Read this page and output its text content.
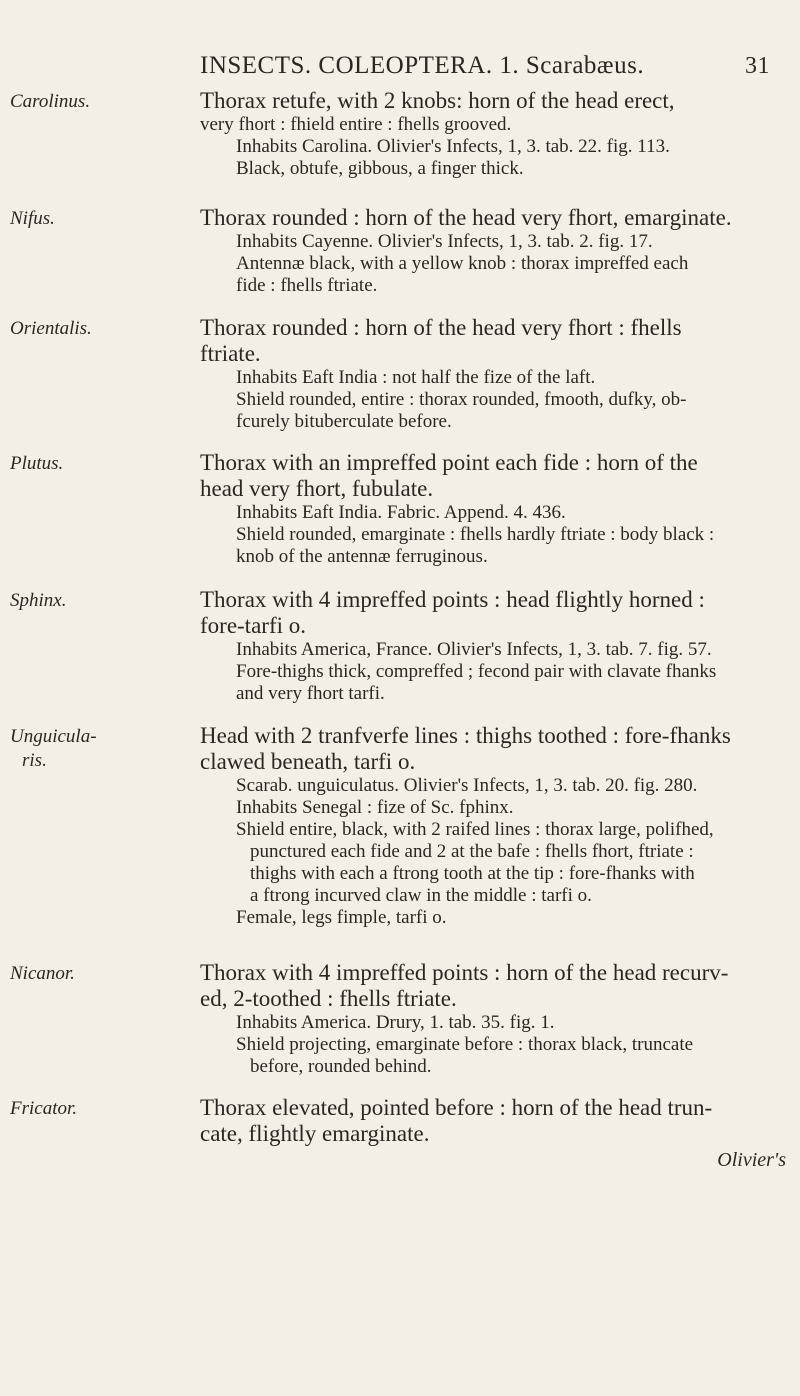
INSECTS. COLEOPTERA. 1. Scarabæus.	31
Carolinus.	Thorax retufe, with 2 knobs: horn of the head erect,
very fhort : fhield entire : fhells grooved.
Inhabits Carolina. Olivier's Infects, 1, 3. tab. 22. fig. 113.
Black, obtufe, gibbous, a finger thick.
Nifus.	Thorax rounded : horn of the head very fhort, emarginate.
Inhabits Cayenne. Olivier's Infects, 1, 3. tab. 2. fig. 17.
Antennæ black, with a yellow knob : thorax impreffed each
fide : fhells ftriate.
Orientalis.	Thorax rounded : horn of the head very fhort : fhells
ftriate.
Inhabits Eaft India : not half the fize of the laft.
Shield rounded, entire : thorax rounded, fmooth, dufky, ob-
fcurely bituberculate before.
Plutus.	Thorax with an impreffed point each fide : horn of the
head very fhort, fubulate.
Inhabits Eaft India. Fabric. Append. 4. 436.
Shield rounded, emarginate : fhells hardly ftriate : body black :
knob of the antennæ ferruginous.
Sphinx.	Thorax with 4 impreffed points : head flightly horned :
fore-tarfi o.
Inhabits America, France. Olivier's Infects, 1, 3. tab. 7. fig. 57.
Fore-thighs thick, compreffed ; fecond pair with clavate fhanks
and very fhort tarfi.
Unguicula-
ris.
Head with 2 tranfverfe lines : thighs toothed : fore-fhanks
clawed beneath, tarfi o.
Scarab. unguiculatus. Olivier's Infects, 1, 3. tab. 20. fig. 280.
Inhabits Senegal : fize of Sc. fphinx.
Shield entire, black, with 2 raifed lines : thorax large, polifhed,
punctured each fide and 2 at the bafe : fhells fhort, ftriate :
thighs with each a ftrong tooth at the tip : fore-fhanks with
a ftrong incurved claw in the middle : tarfi o.
Female, legs fimple, tarfi o.
Nicanor.	Thorax with 4 impreffed points : horn of the head recurv-
ed, 2-toothed : fhells ftriate.
Inhabits America. Drury, 1. tab. 35. fig. 1.
Shield projecting, emarginate before : thorax black, truncate
before, rounded behind.
Fricator.	Thorax elevated, pointed before : horn of the head trun-
cate, flightly emarginate.
Olivier's
